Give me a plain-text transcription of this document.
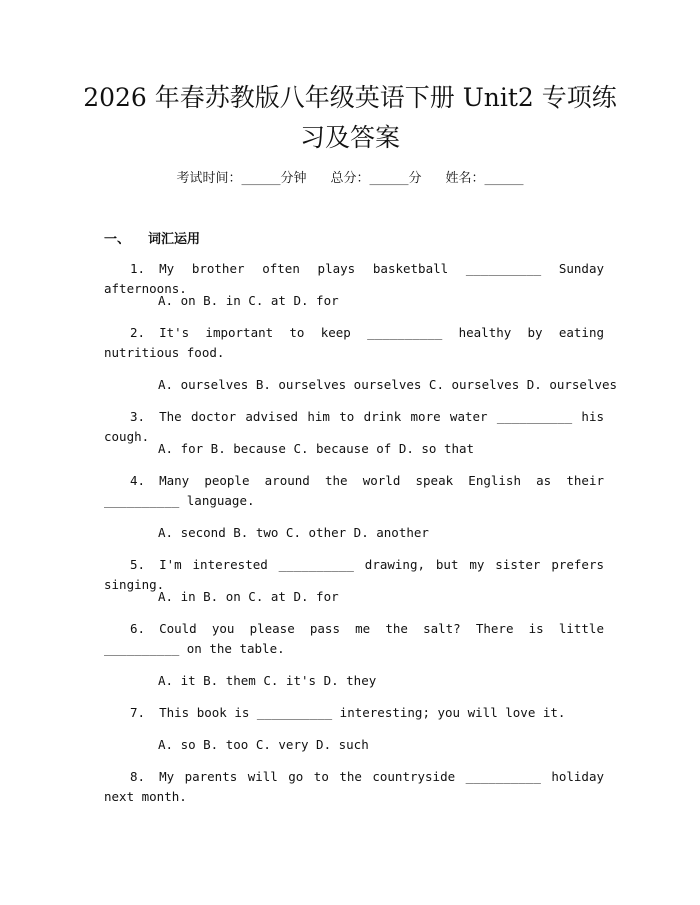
2026 年春苏教版八年级英语下册 Unit2 专项练习及答案
考试时间：______分钟 总分：______分 姓名：______
一、 词汇运用
1. My brother often plays basketball __________ Sunday afternoons.
A. on B. in C. at D. for
2. It's important to keep __________ healthy by eating nutritious food.
A. ourselves B. ourselves ourselves C. ourselves D. ourselves
3. The doctor advised him to drink more water __________ his cough.
A. for B. because C. because of D. so that
4. Many people around the world speak English as their __________ language.
A. second B. two C. other D. another
5. I'm interested __________ drawing, but my sister prefers singing.
A. in B. on C. at D. for
6. Could you please pass me the salt? There is little __________ on the table.
A. it B. them C. it's D. they
7. This book is __________ interesting; you will love it.
A. so B. too C. very D. such
8. My parents will go to the countryside __________ holiday next month.
